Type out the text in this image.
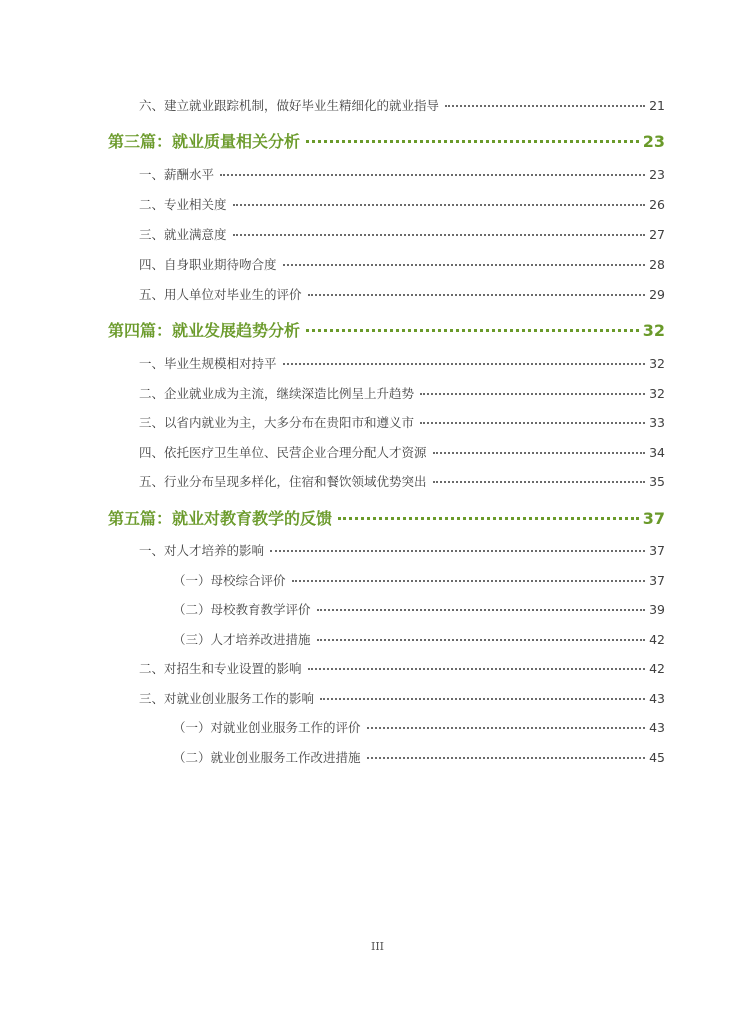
六、建立就业跟踪机制，做好毕业生精细化的就业指导	21
第三篇：就业质量相关分析	23
一、薪酬水平	23
二、专业相关度	26
三、就业满意度	27
四、自身职业期待吻合度	28
五、用人单位对毕业生的评价	29
第四篇：就业发展趋势分析	32
一、毕业生规模相对持平	32
二、企业就业成为主流，继续深造比例呈上升趋势	32
三、以省内就业为主，大多分布在贵阳市和遵义市	33
四、依托医疗卫生单位、民营企业合理分配人才资源	34
五、行业分布呈现多样化，住宿和餐饮领域优势突出	35
第五篇：就业对教育教学的反馈	37
一、对人才培养的影响	37
（一）母校综合评价	37
（二）母校教育教学评价	39
（三）人才培养改进措施	42
二、对招生和专业设置的影响	42
三、对就业创业服务工作的影响	43
（一）对就业创业服务工作的评价	43
（二）就业创业服务工作改进措施	45
III
